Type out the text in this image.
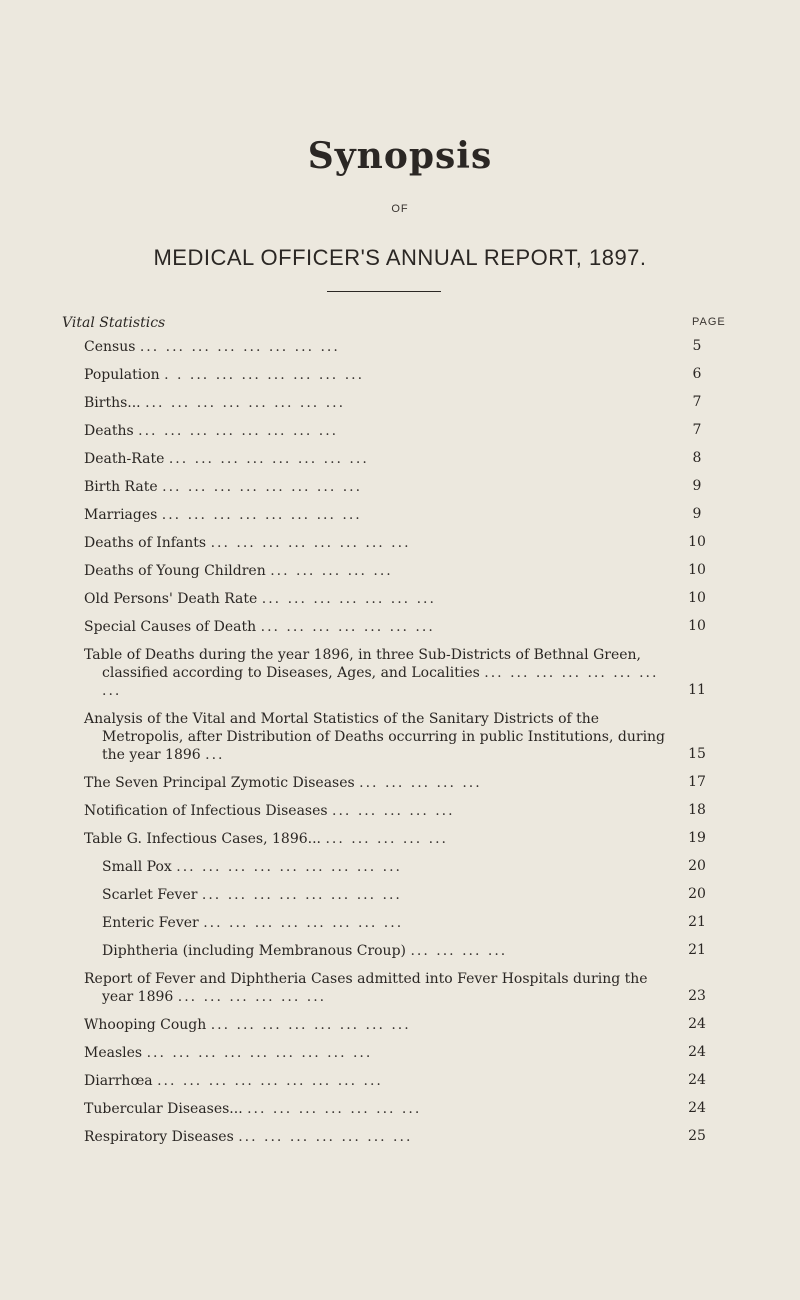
Synopsis
OF
MEDICAL OFFICER'S ANNUAL REPORT, 1897.
Vital Statistics	PAGE
Census ... ... ... ... ... ... ... ...	5
Population . . ... ... ... ... ... ... ...	6
Births... ... ... ... ... ... ... ... ...	7
Deaths ... ... ... ... ... ... ... ...	7
Death-Rate ... ... ... ... ... ... ... ...	8
Birth Rate ... ... ... ... ... ... ... ...	9
Marriages ... ... ... ... ... ... ... ...	9
Deaths of Infants ... ... ... ... ... ... ... ...	10
Deaths of Young Children ... ... ... ... ...	10
Old Persons' Death Rate ... ... ... ... ... ... ...	10
Special Causes of Death ... ... ... ... ... ... ...	10
Table of Deaths during the year 1896, in three Sub-Districts of Bethnal Green, classified according to Diseases, Ages, and Localities ... ... ... ... ... ... ... ...	11
Analysis of the Vital and Mortal Statistics of the Sanitary Districts of the Metropolis, after Distribution of Deaths occurring in public Institutions, during the year 1896 ...	15
The Seven Principal Zymotic Diseases ... ... ... ... ...	17
Notification of Infectious Diseases ... ... ... ... ...	18
Table G. Infectious Cases, 1896... ... ... ... ... ...	19
Small Pox ... ... ... ... ... ... ... ... ...	20
Scarlet Fever ... ... ... ... ... ... ... ...	20
Enteric Fever ... ... ... ... ... ... ... ...	21
Diphtheria (including Membranous Croup) ... ... ... ...	21
Report of Fever and Diphtheria Cases admitted into Fever Hospitals during the year 1896 ... ... ... ... ... ...	23
Whooping Cough ... ... ... ... ... ... ... ...	24
Measles ... ... ... ... ... ... ... ... ...	24
Diarrhœa ... ... ... ... ... ... ... ... ...	24
Tubercular Diseases... ... ... ... ... ... ... ...	24
Respiratory Diseases ... ... ... ... ... ... ...	25
